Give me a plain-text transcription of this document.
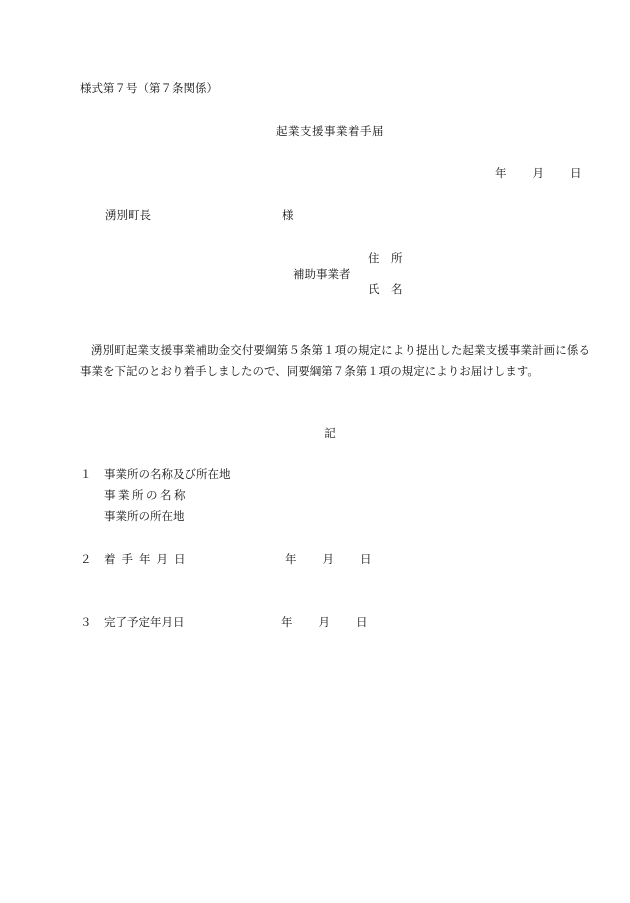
様式第７号（第７条関係）
起業支援事業着手届
年 月 日
湧別町長	様
住　所
補助事業者
氏　名
湧別町起業支援事業補助金交付要綱第５条第１項の規定により提出した起業支援事業計画に係る事業を下記のとおり着手しましたので、同要綱第７条第１項の規定によりお届けします。
記
１ 事業所の名称及び所在地
事業所の名称
事業所の所在地
２ 着手年月日	年 月 日
３ 完了予定年月日	年 月 日
